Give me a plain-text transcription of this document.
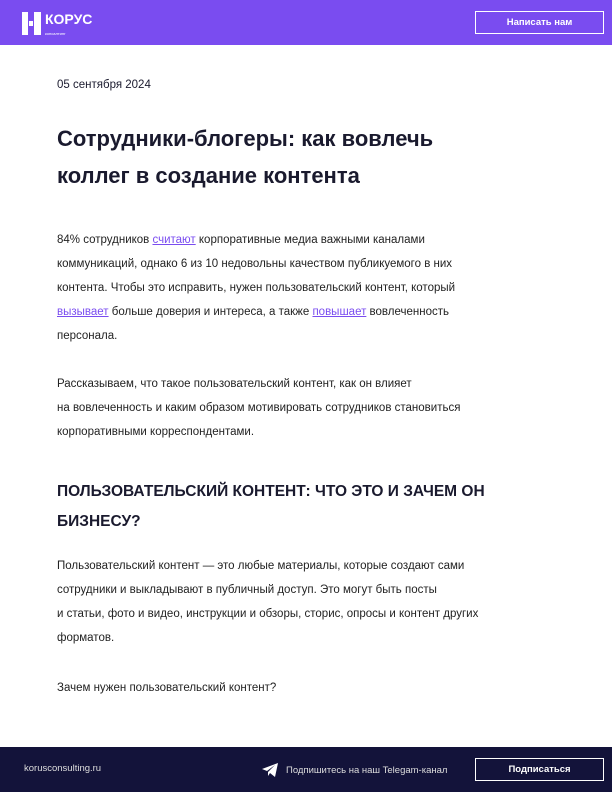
КОРУС
консалтинг
Написать нам
05 сентября 2024
Сотрудники-блогеры: как вовлечь
коллег в создание контента
84% сотрудников считают корпоративные медиа важными каналами
коммуникаций, однако 6 из 10 недовольны качеством публикуемого в них
контента. Чтобы это исправить, нужен пользовательский контент, который
вызывает больше доверия и интереса, а также повышает вовлеченность
персонала.
Рассказываем, что такое пользовательский контент, как он влияет
на вовлеченность и каким образом мотивировать сотрудников становиться
корпоративными корреспондентами.
ПОЛЬЗОВАТЕЛЬСКИЙ КОНТЕНТ: ЧТО ЭТО И ЗАЧЕМ ОН
БИЗНЕСУ?
Пользовательский контент — это любые материалы, которые создают сами
сотрудники и выкладывают в публичный доступ. Это могут быть посты
и статьи, фото и видео, инструкции и обзоры, сторис, опросы и контент других
форматов.
Зачем нужен пользовательский контент?
korusconsulting.ru	Подпишитесь на наш Telegam-канал	Подписаться
